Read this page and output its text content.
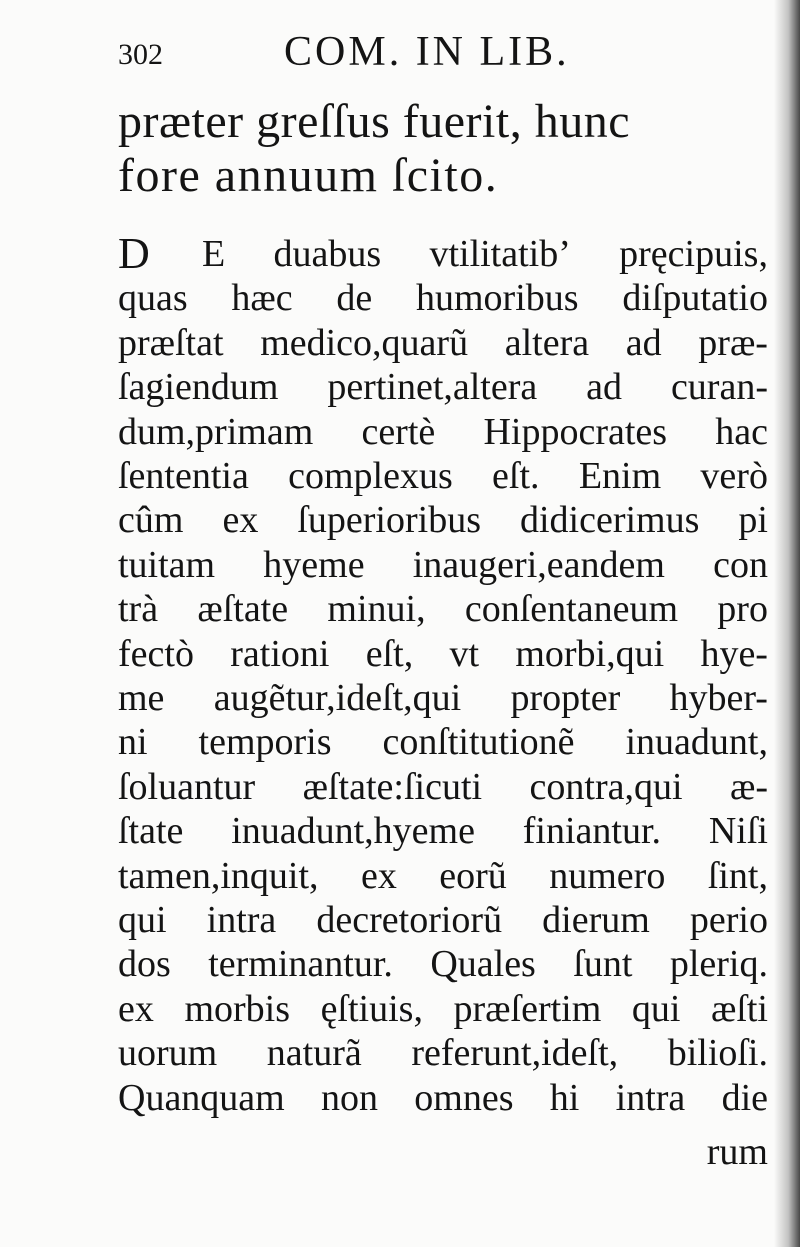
302	COM. IN LIB.
præter greſſus fuerit, hunc
fore annuum ſcito.
D E duabus vtilitatib’ pręcipuis,
quas hæc de humoribus diſputatio
præſtat medico,quarũ altera ad præ-
ſagiendum pertinet,altera ad curan-
dum,primam certè Hippocrates hac
ſententia complexus eſt. Enim verò
cûm ex ſuperioribus didicerimus pi
tuitam hyeme inaugeri,eandem con
trà æſtate minui, conſentaneum pro
fectò rationi eſt, vt morbi,qui hye-
me augẽtur,ideſt,qui propter hyber-
ni temporis conſtitutionẽ inuadunt,
ſoluantur æſtate:ſicuti contra,qui æ-
ſtate inuadunt,hyeme finiantur. Niſi
tamen,inquit, ex eorũ numero ſint,
qui intra decretoriorũ dierum perio
dos terminantur. Quales ſunt pleriq.
ex morbis ęſtiuis, præſertim qui æſti
uorum naturã referunt,ideſt, bilioſi.
Quanquam non omnes hi intra die
rum
